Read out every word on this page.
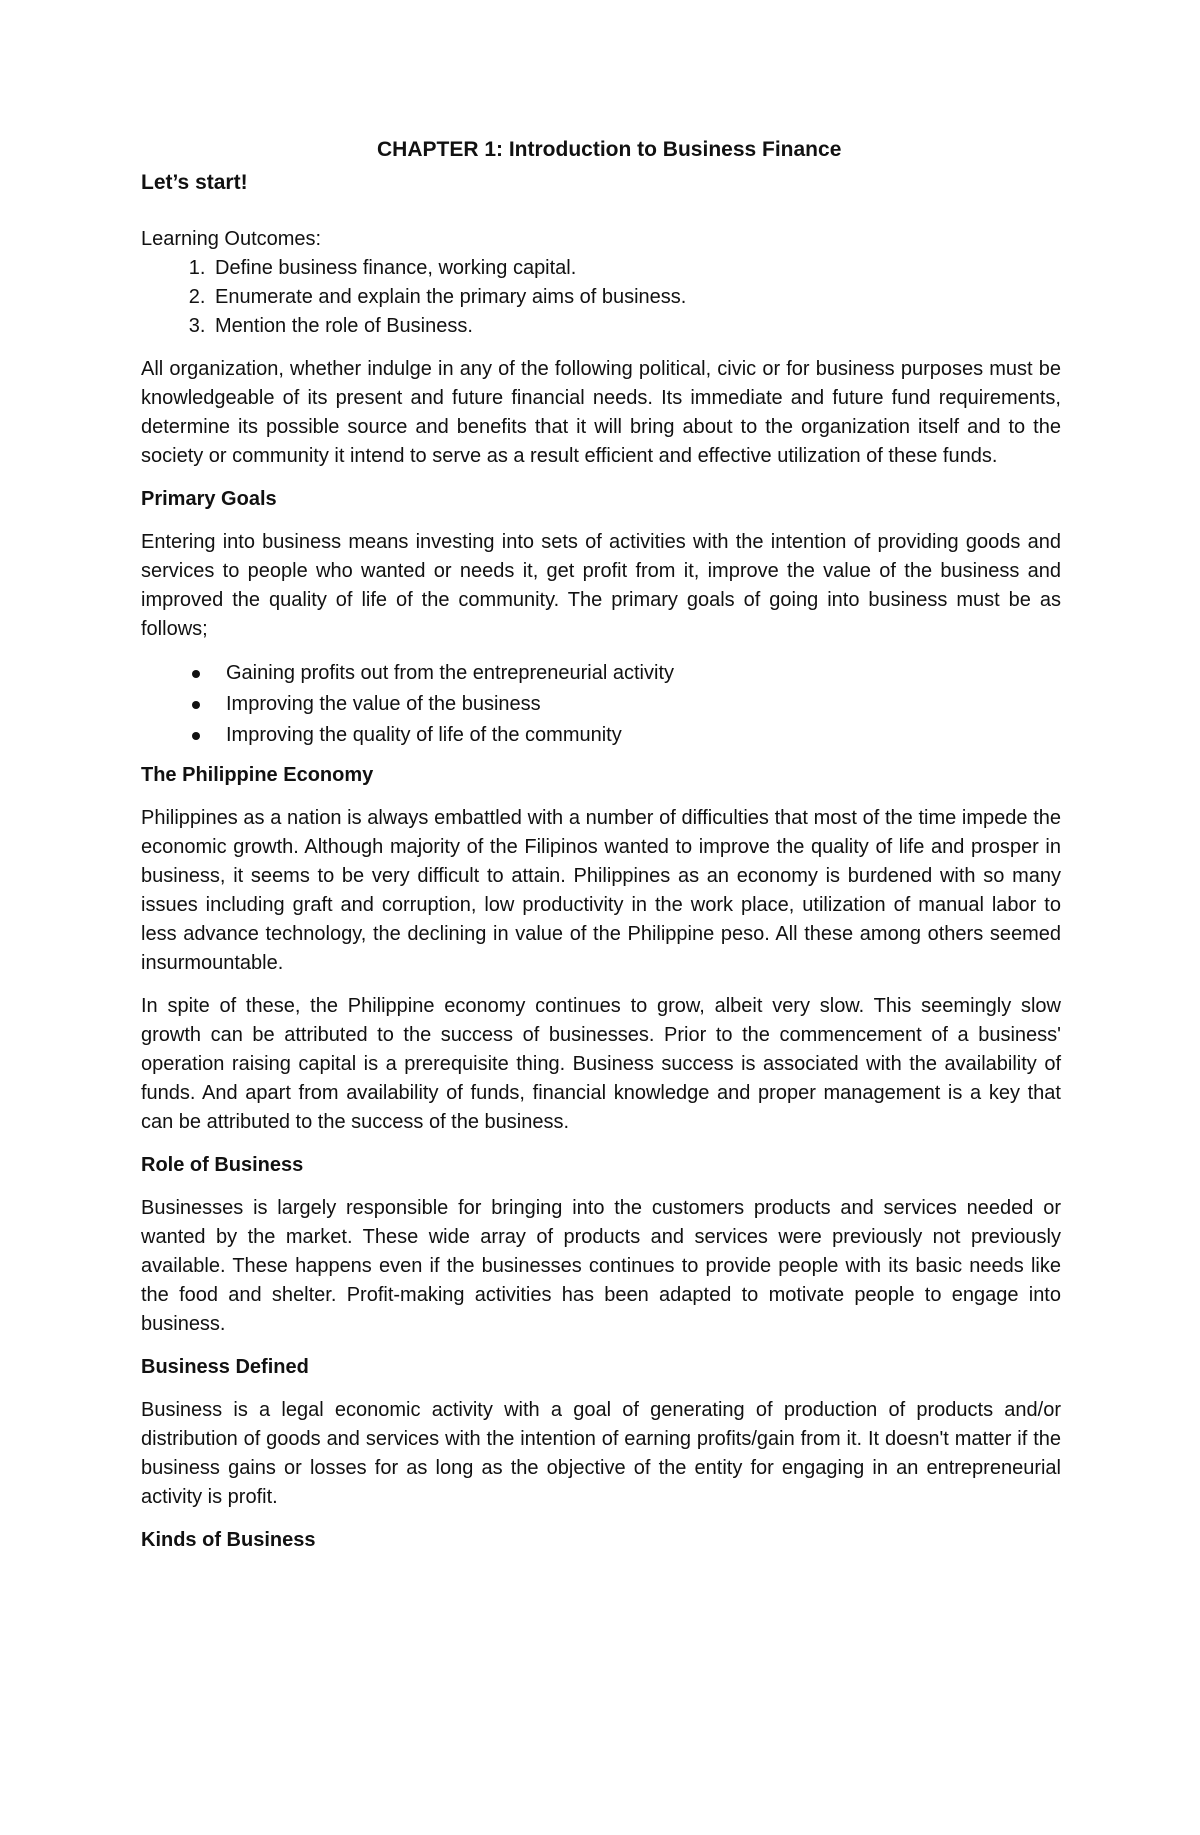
CHAPTER 1: Introduction to Business Finance
Let’s start!

Learning Outcomes:

1. Define business finance, working capital.
2. Enumerate and explain the primary aims of business.
3. Mention the role of Business.

All organization, whether indulge in any of the following political, civic or for business purposes must be knowledgeable of its present and future financial needs. Its immediate and future fund requirements, determine its possible source and benefits that it will bring about to the organization itself and to the society or community it intend to serve as a result efficient and effective utilization of these funds.

Primary Goals

Entering into business means investing into sets of activities with the intention of providing goods and services to people who wanted or needs it, get profit from it, improve the value of the business and improved the quality of life of the community. The primary goals of going into business must be as follows;

Gaining profits out from the entrepreneurial activity
Improving the value of the business
Improving the quality of life of the community

The Philippine Economy

Philippines as a nation is always embattled with a number of difficulties that most of the time impede the economic growth. Although majority of the Filipinos wanted to improve the quality of life and prosper in business, it seems to be very difficult to attain. Philippines as an economy is burdened with so many issues including graft and corruption, low productivity in the work place, utilization of manual labor to less advance technology, the declining in value of the Philippine peso. All these among others seemed insurmountable.

In spite of these, the Philippine economy continues to grow, albeit very slow. This seemingly slow growth can be attributed to the success of businesses. Prior to the commencement of a business' operation raising capital is a prerequisite thing. Business success is associated with the availability of funds. And apart from availability of funds, financial knowledge and proper management is a key that can be attributed to the success of the business.

Role of Business

Businesses is largely responsible for bringing into the customers products and services needed or wanted by the market. These wide array of products and services were previously not previously available. These happens even if the businesses continues to provide people with its basic needs like the food and shelter. Profit-making activities has been adapted to motivate people to engage into business.

Business Defined

Business is a legal economic activity with a goal of generating of production of products and/or distribution of goods and services with the intention of earning profits/gain from it. It doesn't matter if the business gains or losses for as long as the objective of the entity for engaging in an entrepreneurial activity is profit.

Kinds of Business
